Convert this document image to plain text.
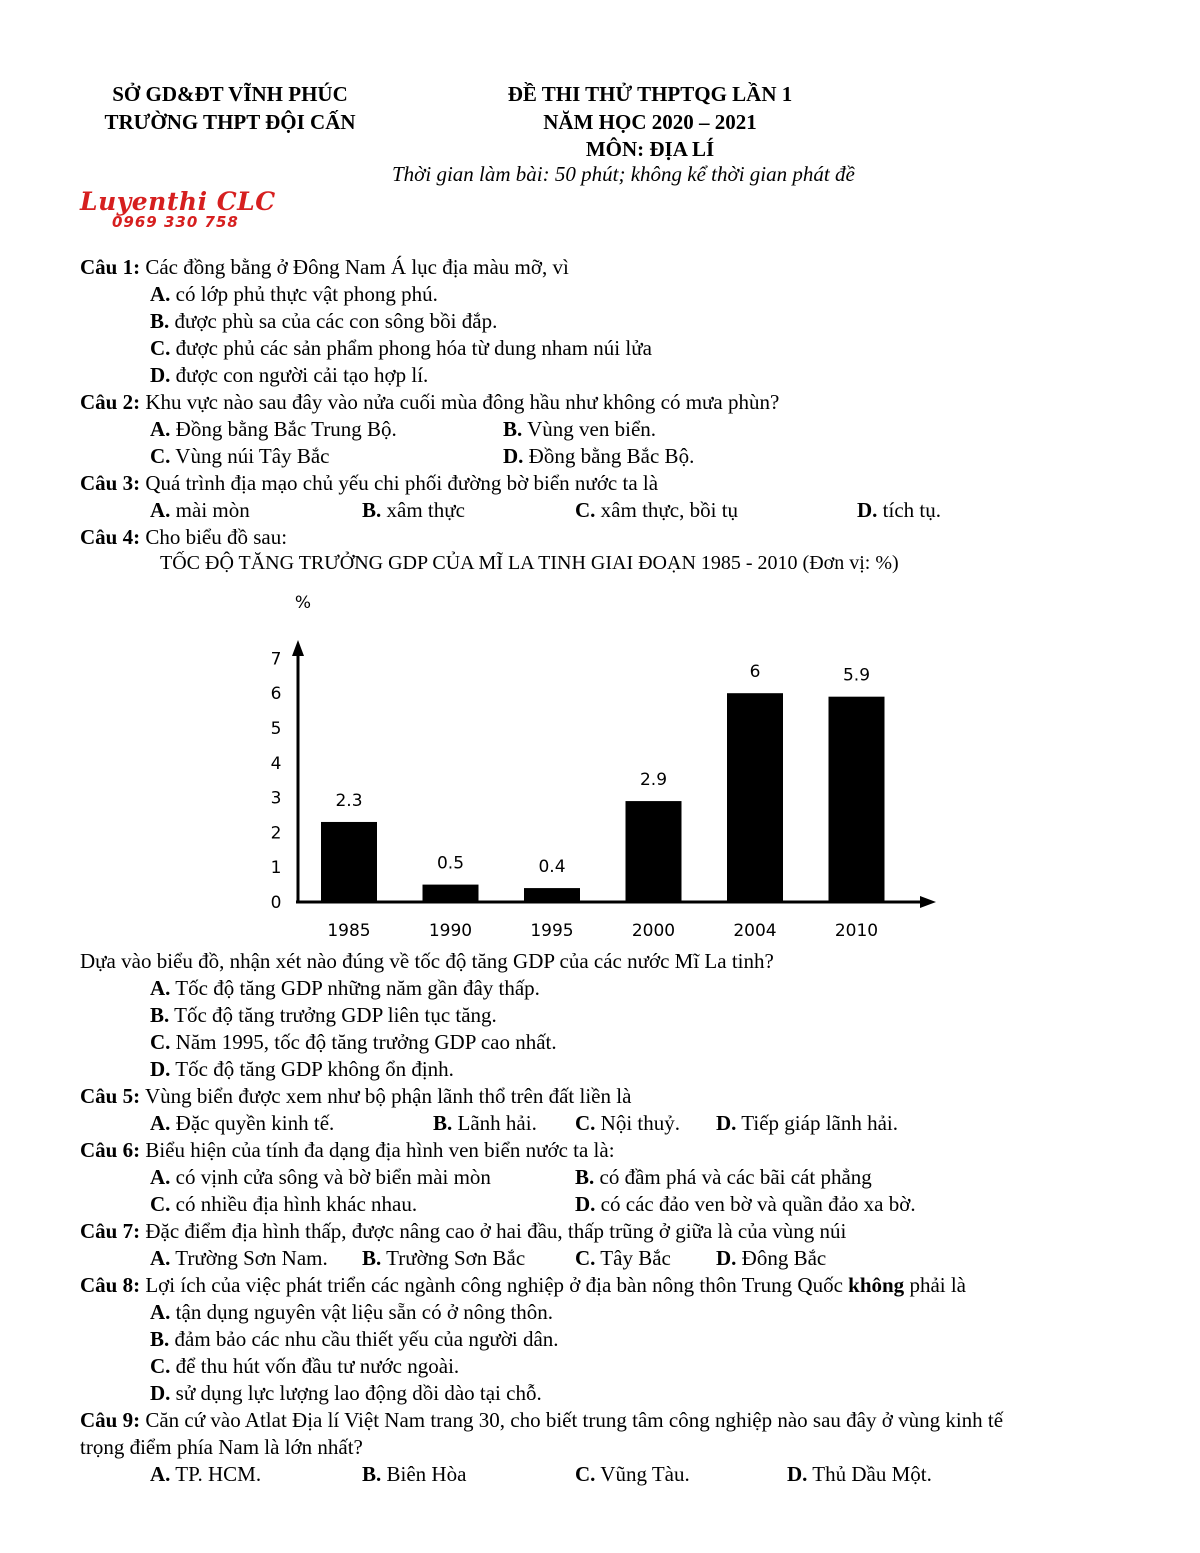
SỞ GD&ĐT VĨNH PHÚC
TRƯỜNG THPT ĐỘI CẤN
ĐỀ THI THỬ THPTQG LẦN 1
NĂM HỌC 2020 – 2021
MÔN: ĐỊA LÍ
Thời gian làm bài: 50 phút; không kể thời gian phát đề
Luyenthi CLC
0969 330 758
Câu 1: Các đồng bằng ở Đông Nam Á lục địa màu mỡ, vì
A. có lớp phủ thực vật phong phú.
B. được phù sa của các con sông bồi đắp.
C. được phủ các sản phẩm phong hóa từ dung nham núi lửa
D. được con người cải tạo hợp lí.
Câu 2: Khu vực nào sau đây vào nửa cuối mùa đông hầu như không có mưa phùn?
A. Đồng bằng Bắc Trung Bộ.	B. Vùng ven biển.
C. Vùng núi Tây Bắc	D. Đồng bằng Bắc Bộ.
Câu 3: Quá trình địa mạo chủ yếu chi phối đường bờ biển nước ta là
A. mài mòn	B. xâm thực	C. xâm thực, bồi tụ	D. tích tụ.
Câu 4: Cho biểu đồ sau:
TỐC ĐỘ TĂNG TRƯỞNG GDP CỦA MĨ LA TINH GIAI ĐOẠN 1985 - 2010 (Đơn vị: %)
%
0
1
2
3
4
5
6
7
2.3
1985
0.5
1990
0.4
1995
2.9
2000
6
2004
5.9
2010
Dựa vào biểu đồ, nhận xét nào đúng về tốc độ tăng GDP của các nước Mĩ La tinh?
A. Tốc độ tăng GDP những năm gần đây thấp.
B. Tốc độ tăng trưởng GDP liên tục tăng.
C. Năm 1995, tốc độ tăng trưởng GDP cao nhất.
D. Tốc độ tăng GDP không ổn định.
Câu 5: Vùng biển được xem như bộ phận lãnh thổ trên đất liền là
A. Đặc quyền kinh tế.	B. Lãnh hải. C. Nội thuỷ. D. Tiếp giáp lãnh hải.
Câu 6: Biểu hiện của tính đa dạng địa hình ven biển nước ta là:
A. có vịnh cửa sông và bờ biển mài mòn	B. có đầm phá và các bãi cát phẳng
C. có nhiều địa hình khác nhau.	D. có các đảo ven bờ và quần đảo xa bờ.
Câu 7: Đặc điểm địa hình thấp, được nâng cao ở hai đầu, thấp trũng ở giữa là của vùng núi
A. Trường Sơn Nam. B. Trường Sơn Bắc C. Tây Bắc D. Đông Bắc
Câu 8: Lợi ích của việc phát triển các ngành công nghiệp ở địa bàn nông thôn Trung Quốc không phải là
A. tận dụng nguyên vật liệu sẵn có ở nông thôn.
B. đảm bảo các nhu cầu thiết yếu của người dân.
C. để thu hút vốn đầu tư nước ngoài.
D. sử dụng lực lượng lao động dồi dào tại chỗ.
Câu 9: Căn cứ vào Atlat Địa lí Việt Nam trang 30, cho biết trung tâm công nghiệp nào sau đây ở vùng kinh tế
trọng điểm phía Nam là lớn nhất?
A. TP. HCM.	B. Biên Hòa	C. Vũng Tàu.	D. Thủ Dầu Một.
